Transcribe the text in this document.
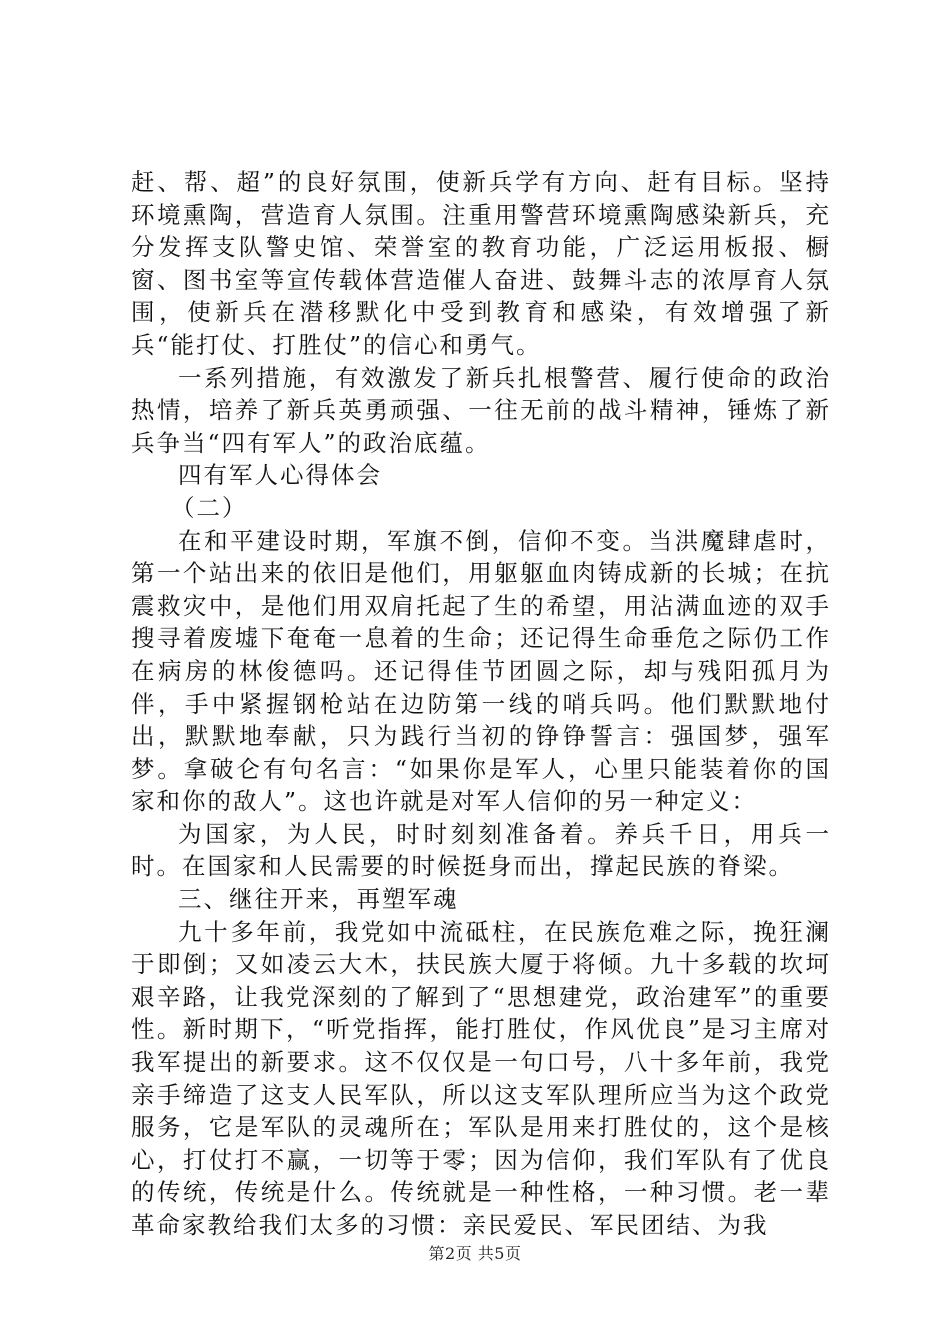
赶、帮、超”的良好氛围，使新兵学有方向、赶有目标。坚持环境熏陶，营造育人氛围。注重用警营环境熏陶感染新兵，充分发挥支队警史馆、荣誉室的教育功能，广泛运用板报、橱窗、图书室等宣传载体营造催人奋进、鼓舞斗志的浓厚育人氛围，使新兵在潜移默化中受到教育和感染，有效增强了新兵“能打仗、打胜仗”的信心和勇气。

一系列措施，有效激发了新兵扎根警营、履行使命的政治热情，培养了新兵英勇顽强、一往无前的战斗精神，锤炼了新兵争当“四有军人”的政治底蕴。

四有军人心得体会

（二）

在和平建设时期，军旗不倒，信仰不变。当洪魔肆虐时，第一个站出来的依旧是他们，用躯躯血肉铸成新的长城；在抗震救灾中，是他们用双肩托起了生的希望，用沾满血迹的双手搜寻着废墟下奄奄一息着的生命；还记得生命垂危之际仍工作在病房的林俊德吗。还记得佳节团圆之际，却与残阳孤月为伴，手中紧握钢枪站在边防第一线的哨兵吗。他们默默地付出，默默地奉献，只为践行当初的铮铮誓言：强国梦，强军梦。拿破仑有句名言：“如果你是军人，心里只能装着你的国家和你的敌人”。这也许就是对军人信仰的另一种定义：

为国家，为人民，时时刻刻准备着。养兵千日，用兵一时。在国家和人民需要的时候挺身而出，撑起民族的脊梁。

三、继往开来，再塑军魂

九十多年前，我党如中流砥柱，在民族危难之际，挽狂澜于即倒；又如凌云大木，扶民族大厦于将倾。九十多载的坎坷艰辛路，让我党深刻的了解到了“思想建党，政治建军”的重要性。新时期下，“听党指挥，能打胜仗，作风优良”是习主席对我军提出的新要求。这不仅仅是一句口号，八十多年前，我党亲手缔造了这支人民军队，所以这支军队理所应当为这个政党服务，它是军队的灵魂所在；军队是用来打胜仗的，这个是核心，打仗打不赢，一切等于零；因为信仰，我们军队有了优良的传统，传统是什么。传统就是一种性格，一种习惯。老一辈革命家教给我们太多的习惯：亲民爱民、军民团结、为我

第2页 共5页
